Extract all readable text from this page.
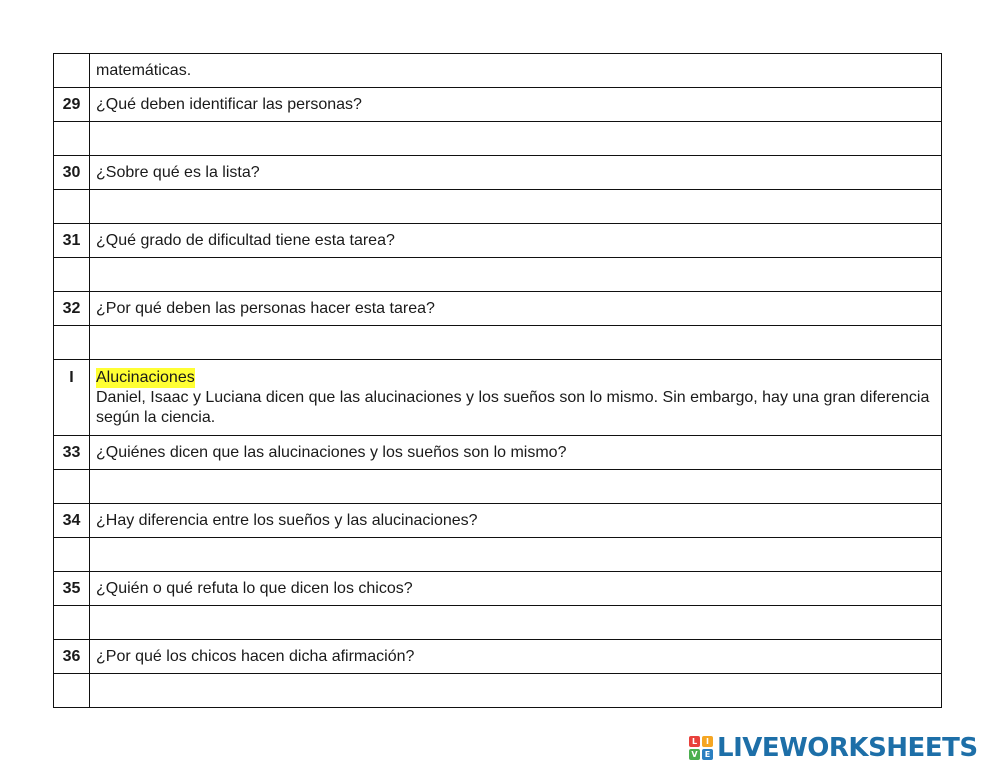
	matemáticas.
29	¿Qué deben identificar las personas?

30	¿Sobre qué es la lista?

31	¿Qué grado de dificultad tiene esta tarea?

32	¿Por qué deben las personas hacer esta tarea?

I	Alucinaciones
Daniel, Isaac y Luciana dicen que las alucinaciones y los sueños son lo mismo. Sin embargo, hay una gran diferencia según la ciencia.

33	¿Quiénes dicen que las alucinaciones y los sueños son lo mismo?

34	¿Hay diferencia entre los sueños y las alucinaciones?

35	¿Quién o qué refuta lo que dicen los chicos?

36	¿Por qué los chicos hacen dicha afirmación?

L	I
V E LIVEWORKSHEETS
